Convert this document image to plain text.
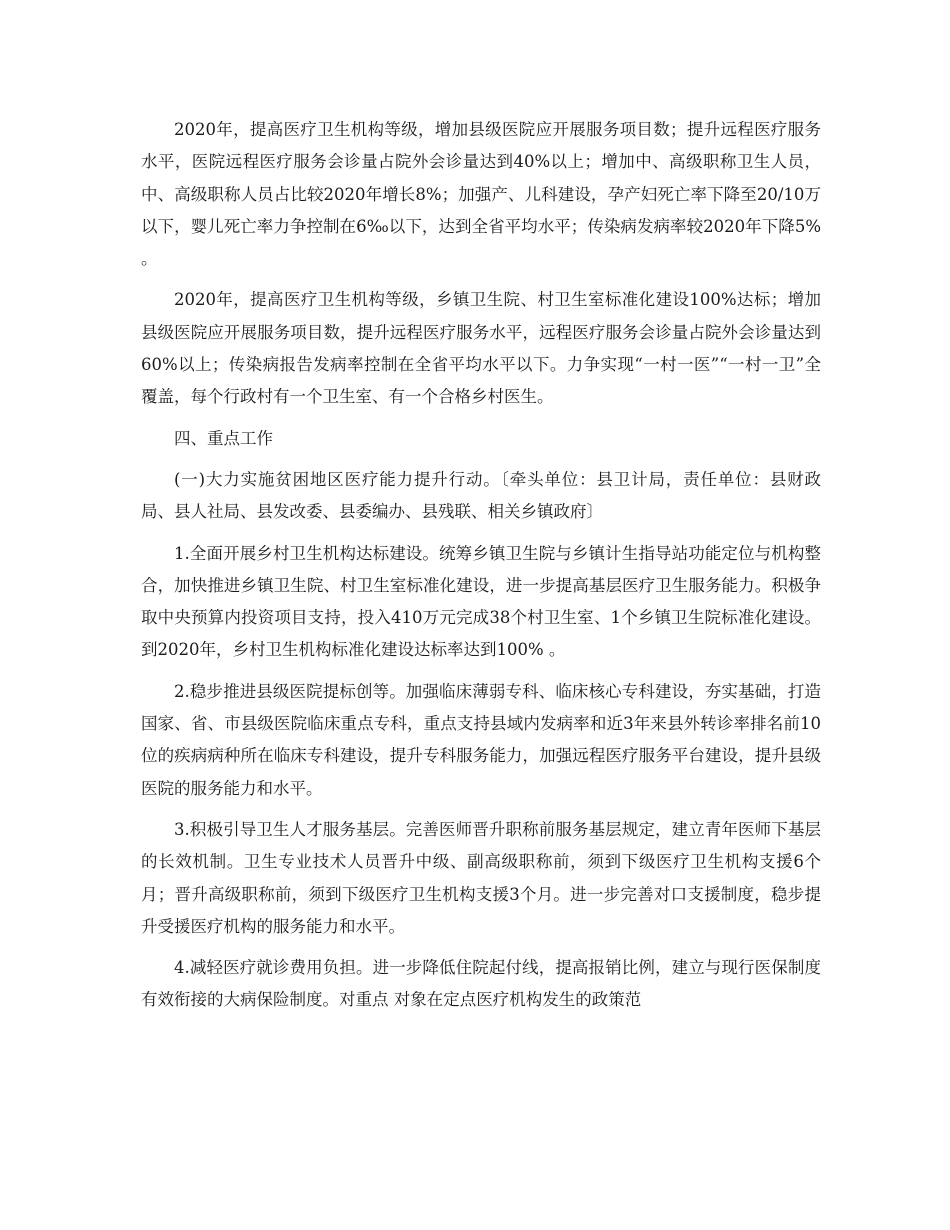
2020年，提高医疗卫生机构等级，增加县级医院应开展服务项目数；提升远程医疗服务水平，医院远程医疗服务会诊量占院外会诊量达到40%以上；增加中、高级职称卫生人员，中、高级职称人员占比较2020年增长8%；加强产、儿科建设，孕产妇死亡率下降至20/10万以下，婴儿死亡率力争控制在6‰以下，达到全省平均水平；传染病发病率较2020年下降5% 。

2020年，提高医疗卫生机构等级，乡镇卫生院、村卫生室标准化建设100%达标；增加县级医院应开展服务项目数，提升远程医疗服务水平，远程医疗服务会诊量占院外会诊量达到60%以上；传染病报告发病率控制在全省平均水平以下。力争实现“一村一医”“一村一卫”全覆盖，每个行政村有一个卫生室、有一个合格乡村医生。

四、重点工作

(一)大力实施贫困地区医疗能力提升行动。〔牵头单位：县卫计局，责任单位：县财政局、县人社局、县发改委、县委编办、县残联、相关乡镇政府〕

1.全面开展乡村卫生机构达标建设。统筹乡镇卫生院与乡镇计生指导站功能定位与机构整合，加快推进乡镇卫生院、村卫生室标准化建设，进一步提高基层医疗卫生服务能力。积极争取中央预算内投资项目支持，投入410万元完成38个村卫生室、1个乡镇卫生院标准化建设。到2020年，乡村卫生机构标准化建设达标率达到100% 。

2.稳步推进县级医院提标创等。加强临床薄弱专科、临床核心专科建设，夯实基础，打造国家、省、市县级医院临床重点专科，重点支持县域内发病率和近3年来县外转诊率排名前10位的疾病病种所在临床专科建设，提升专科服务能力，加强远程医疗服务平台建设，提升县级医院的服务能力和水平。

3.积极引导卫生人才服务基层。完善医师晋升职称前服务基层规定，建立青年医师下基层的长效机制。卫生专业技术人员晋升中级、副高级职称前，须到下级医疗卫生机构支援6个月；晋升高级职称前，须到下级医疗卫生机构支援3个月。进一步完善对口支援制度，稳步提升受援医疗机构的服务能力和水平。

4.减轻医疗就诊费用负担。进一步降低住院起付线，提高报销比例，建立与现行医保制度有效衔接的大病保险制度。对重点 对象在定点医疗机构发生的政策范
